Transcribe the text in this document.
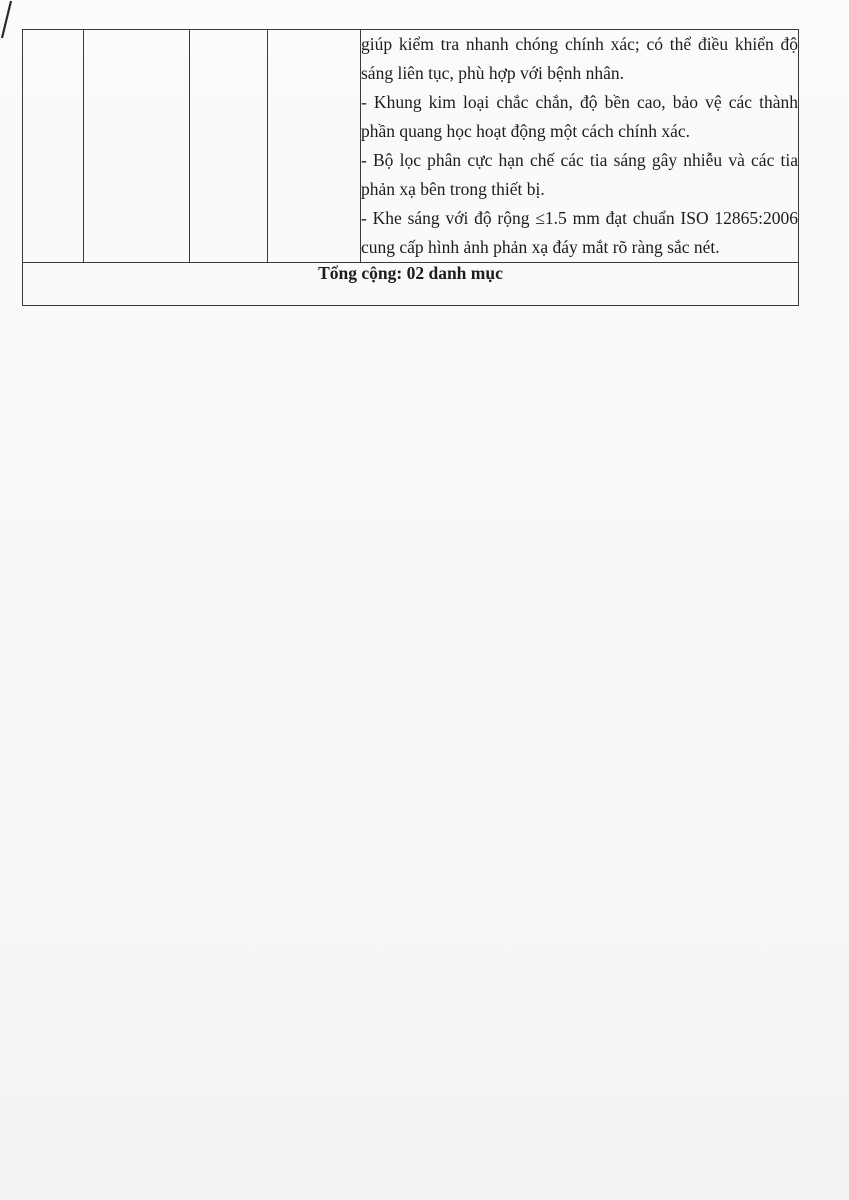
giúp kiểm tra nhanh chóng chính xác; có thể điều khiển độ sáng liên tục, phù hợp với bệnh nhân.
- Khung kim loại chắc chắn, độ bền cao, bảo vệ các thành phần quang học hoạt động một cách chính xác.
- Bộ lọc phân cực hạn chế các tia sáng gây nhiễu và các tia phản xạ bên trong thiết bị.
- Khe sáng với độ rộng ≤1.5 mm đạt chuẩn ISO 12865:2006 cung cấp hình ảnh phản xạ đáy mắt rõ ràng sắc nét.

Tổng cộng: 02 danh mục
